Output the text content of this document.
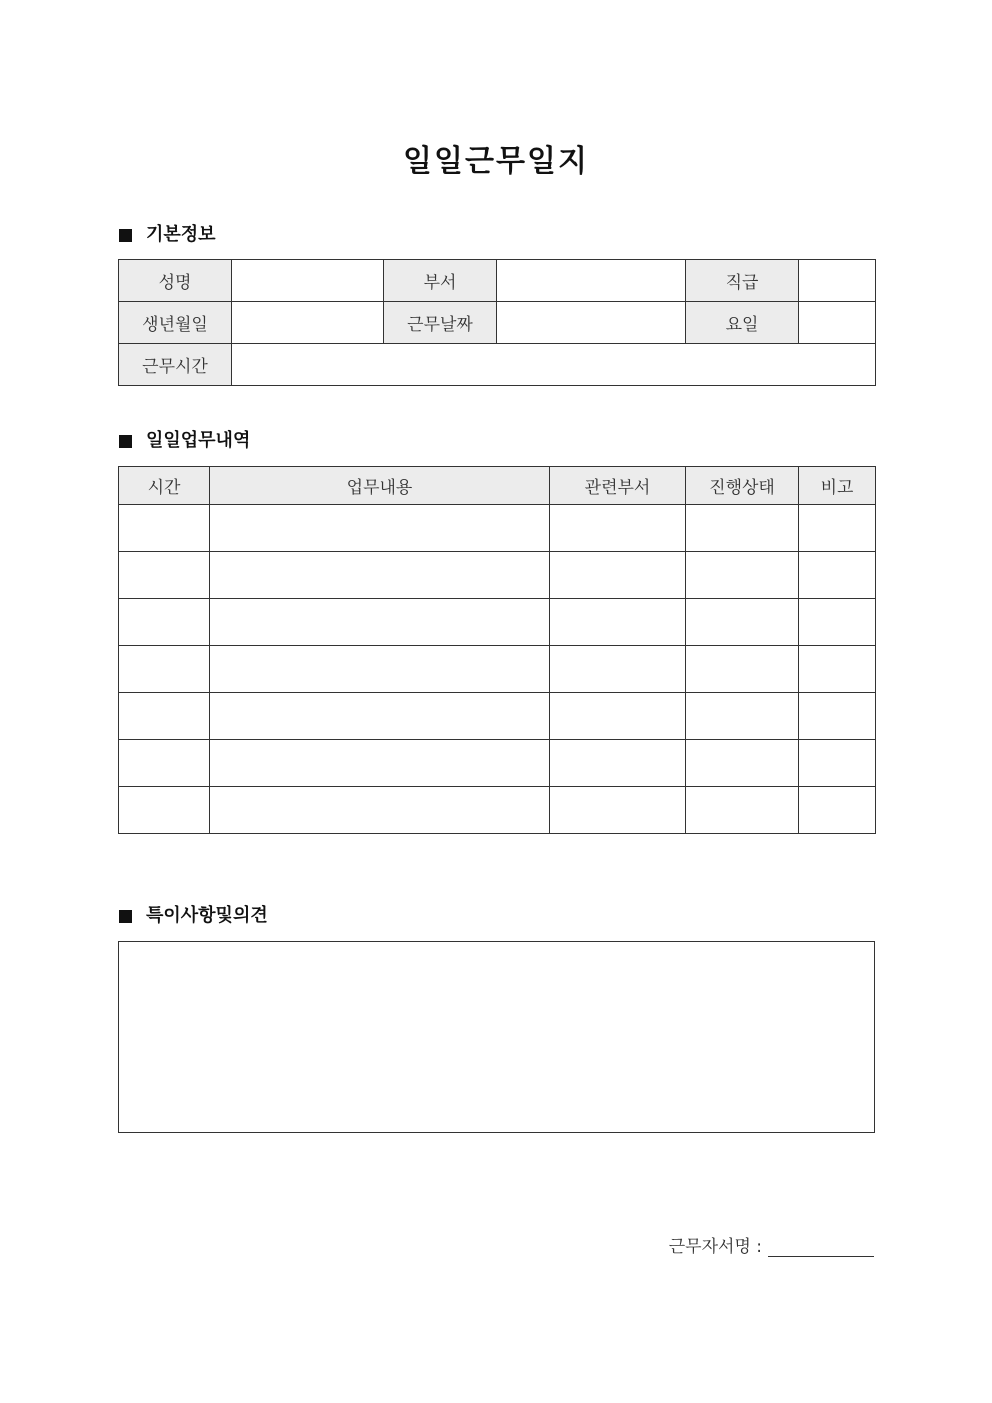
일일근무일지
기본정보
성명		부서		직급	
생년월일		근무날짜		요일	
근무시간					
일일업무내역
시간	업무내용	관련부서	진행상태	비고

특이사항및의견
근무자서명 :
